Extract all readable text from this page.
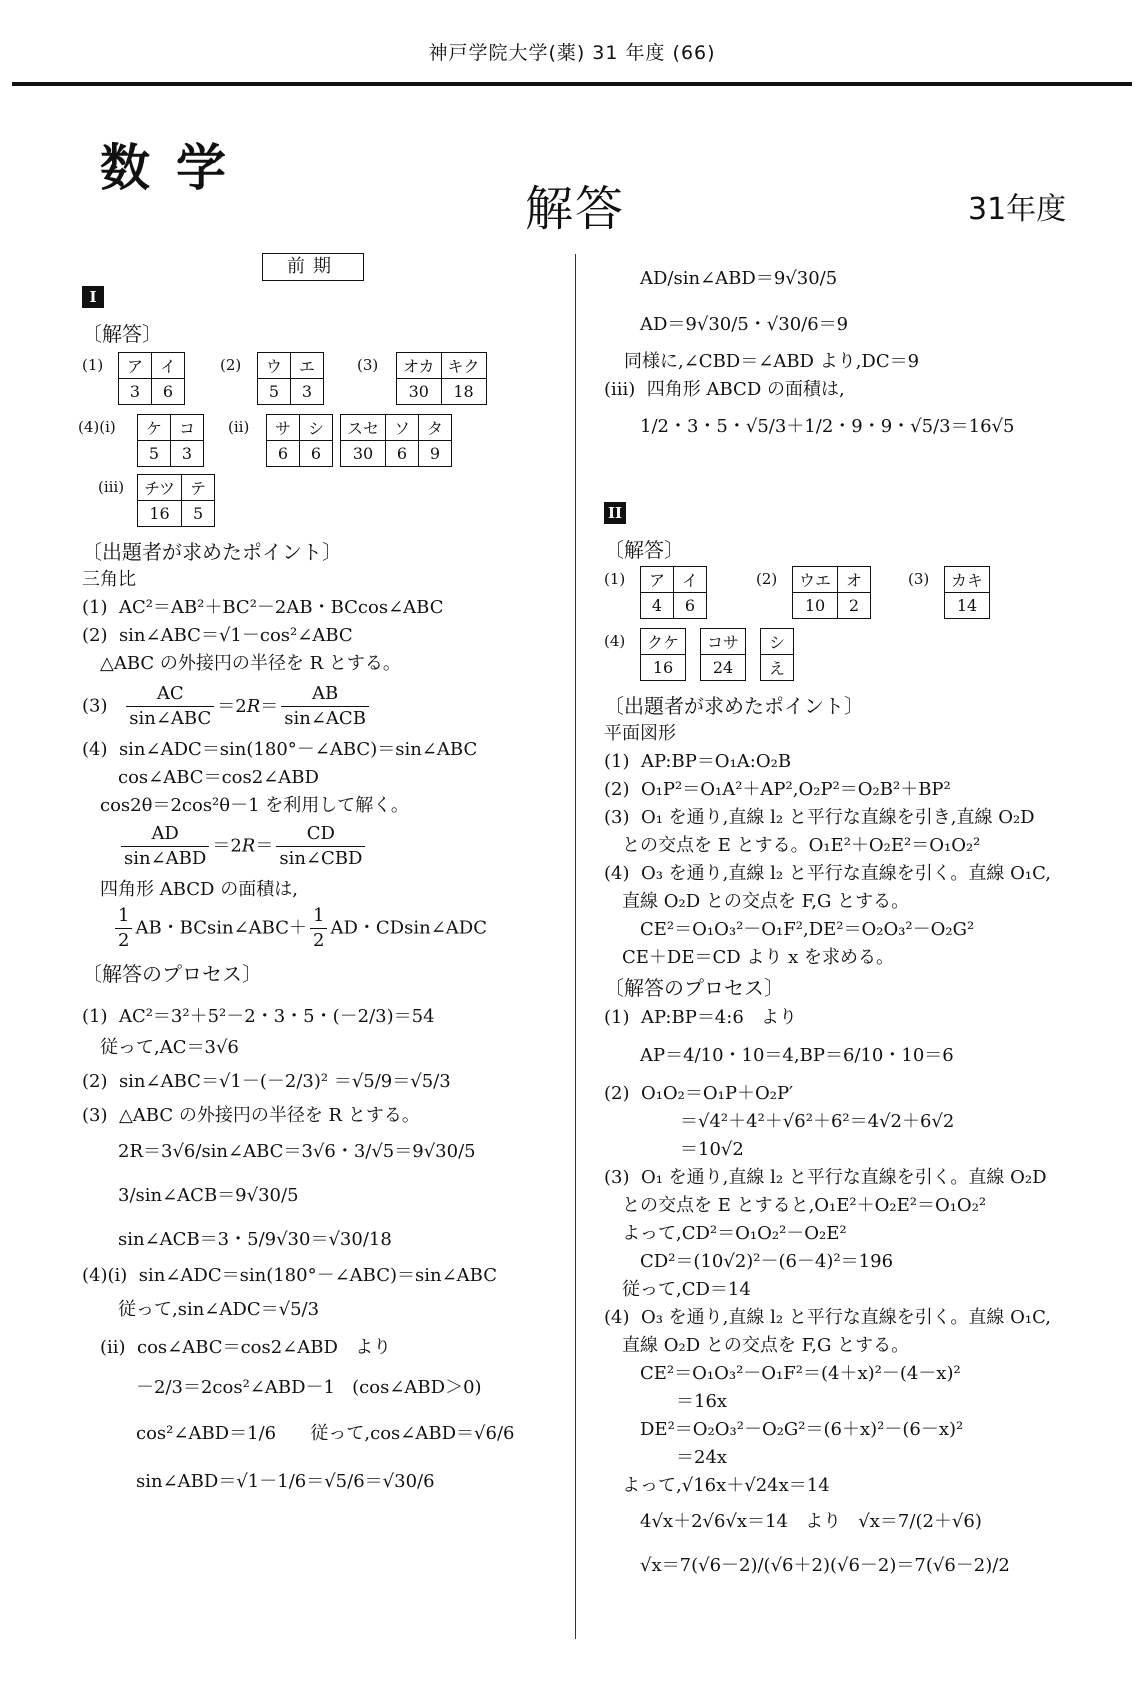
神戸学院大学(薬) 31 年度 (66)
数学
解答	31年度
前期
I
〔解答〕
(1) ア	イ
3	6
(2) ウ	エ
5	3
(3) オカ	キク
30	18
(4)(ⅰ) ケ	コ
5	3
(ⅱ) サ	シ
6	6
スセ	ソ	タ
30	6	9
(ⅲ) チツ	テ
16	5
〔出題者が求めたポイント〕

三角比

(1)  AC²＝AB²＋BC²－2AB・BCcos∠ABC

(2)  sin∠ABC＝√1－cos²∠ABC

△ABC の外接円の半径を R とする。

$(3) \frac{AC}{\text{sin∠ABC}} =2R= \frac{AB}{\text{sin∠ACB}}$

(4)  sin∠ADC＝sin(180°－∠ABC)＝sin∠ABC

cos∠ABC＝cos2∠ABD

cos2θ＝2cos²θ－1 を利用して解く。

$\frac{AD}{\text{sin∠ABD}} =2R= \frac{CD}{\text{sin∠CBD}}$
四角形 ABCD の面積は,
$\frac{1}{2}$ AB・BCsin∠ABC＋ $\frac{1}{2}$ AD・CDsin∠ADC
〔解答のプロセス〕

(1)  AC²＝3²＋5²－2・3・5・(－2/3)＝54

従って,AC＝3√6

(2)  sin∠ABC＝√1－(－2/3)² ＝√5/9＝√5/3

(3)  △ABC の外接円の半径を R とする。

2R＝3√6/sin∠ABC＝3√6・3/√5＝9√30/5

3/sin∠ACB＝9√30/5

sin∠ACB＝3・5/9√30＝√30/18

(4)(ⅰ)  sin∠ADC＝sin(180°－∠ABC)＝sin∠ABC

従って,sin∠ADC＝√5/3

(ⅱ)  cos∠ABC＝cos2∠ABD   より

－2/3＝2cos²∠ABD－1   (cos∠ABD＞0)

cos²∠ABD＝1/6      従って,cos∠ABD＝√6/6

sin∠ABD＝√1－1/6＝√5/6＝√30/6

AD/sin∠ABD＝9√30/5

AD＝9√30/5・√30/6＝9

同様に,∠CBD＝∠ABD より,DC＝9

(ⅲ)  四角形 ABCD の面積は,

1/2・3・5・√5/3＋1/2・9・9・√5/3＝16√5

II
〔解答〕
(1) ア	イ
4	6
(2) ウエ	オ
10	2
(3) カキ
14
(4) クケ
16
コサ
24
シ
え
〔出題者が求めたポイント〕

平面図形

(1)  AP:BP＝O₁A:O₂B

(2)  O₁P²＝O₁A²＋AP²,O₂P²＝O₂B²＋BP²

(3)  O₁ を通り,直線 l₂ と平行な直線を引き,直線 O₂D

との交点を E とする。O₁E²＋O₂E²＝O₁O₂²

(4)  O₃ を通り,直線 l₂ と平行な直線を引く。直線 O₁C,

直線 O₂D との交点を F,G とする。

CE²＝O₁O₃²－O₁F²,DE²＝O₂O₃²－O₂G²

CE＋DE＝CD より x を求める。

〔解答のプロセス〕

(1)  AP:BP＝4:6   より

AP＝4/10・10＝4,BP＝6/10・10＝6

(2)  O₁O₂＝O₁P＋O₂P′

＝√4²＋4²＋√6²＋6²＝4√2＋6√2

＝10√2

(3)  O₁ を通り,直線 l₂ と平行な直線を引く。直線 O₂D

との交点を E とすると,O₁E²＋O₂E²＝O₁O₂²

よって,CD²＝O₁O₂²－O₂E²

CD²＝(10√2)²－(6－4)²＝196

従って,CD＝14

(4)  O₃ を通り,直線 l₂ と平行な直線を引く。直線 O₁C,

直線 O₂D との交点を F,G とする。

CE²＝O₁O₃²－O₁F²＝(4＋x)²－(4－x)²

＝16x

DE²＝O₂O₃²－O₂G²＝(6＋x)²－(6－x)²

＝24x

よって,√16x＋√24x＝14

4√x＋2√6√x＝14   より   √x＝7/(2＋√6)

√x＝7(√6－2)/(√6＋2)(√6－2)＝7(√6－2)/2
